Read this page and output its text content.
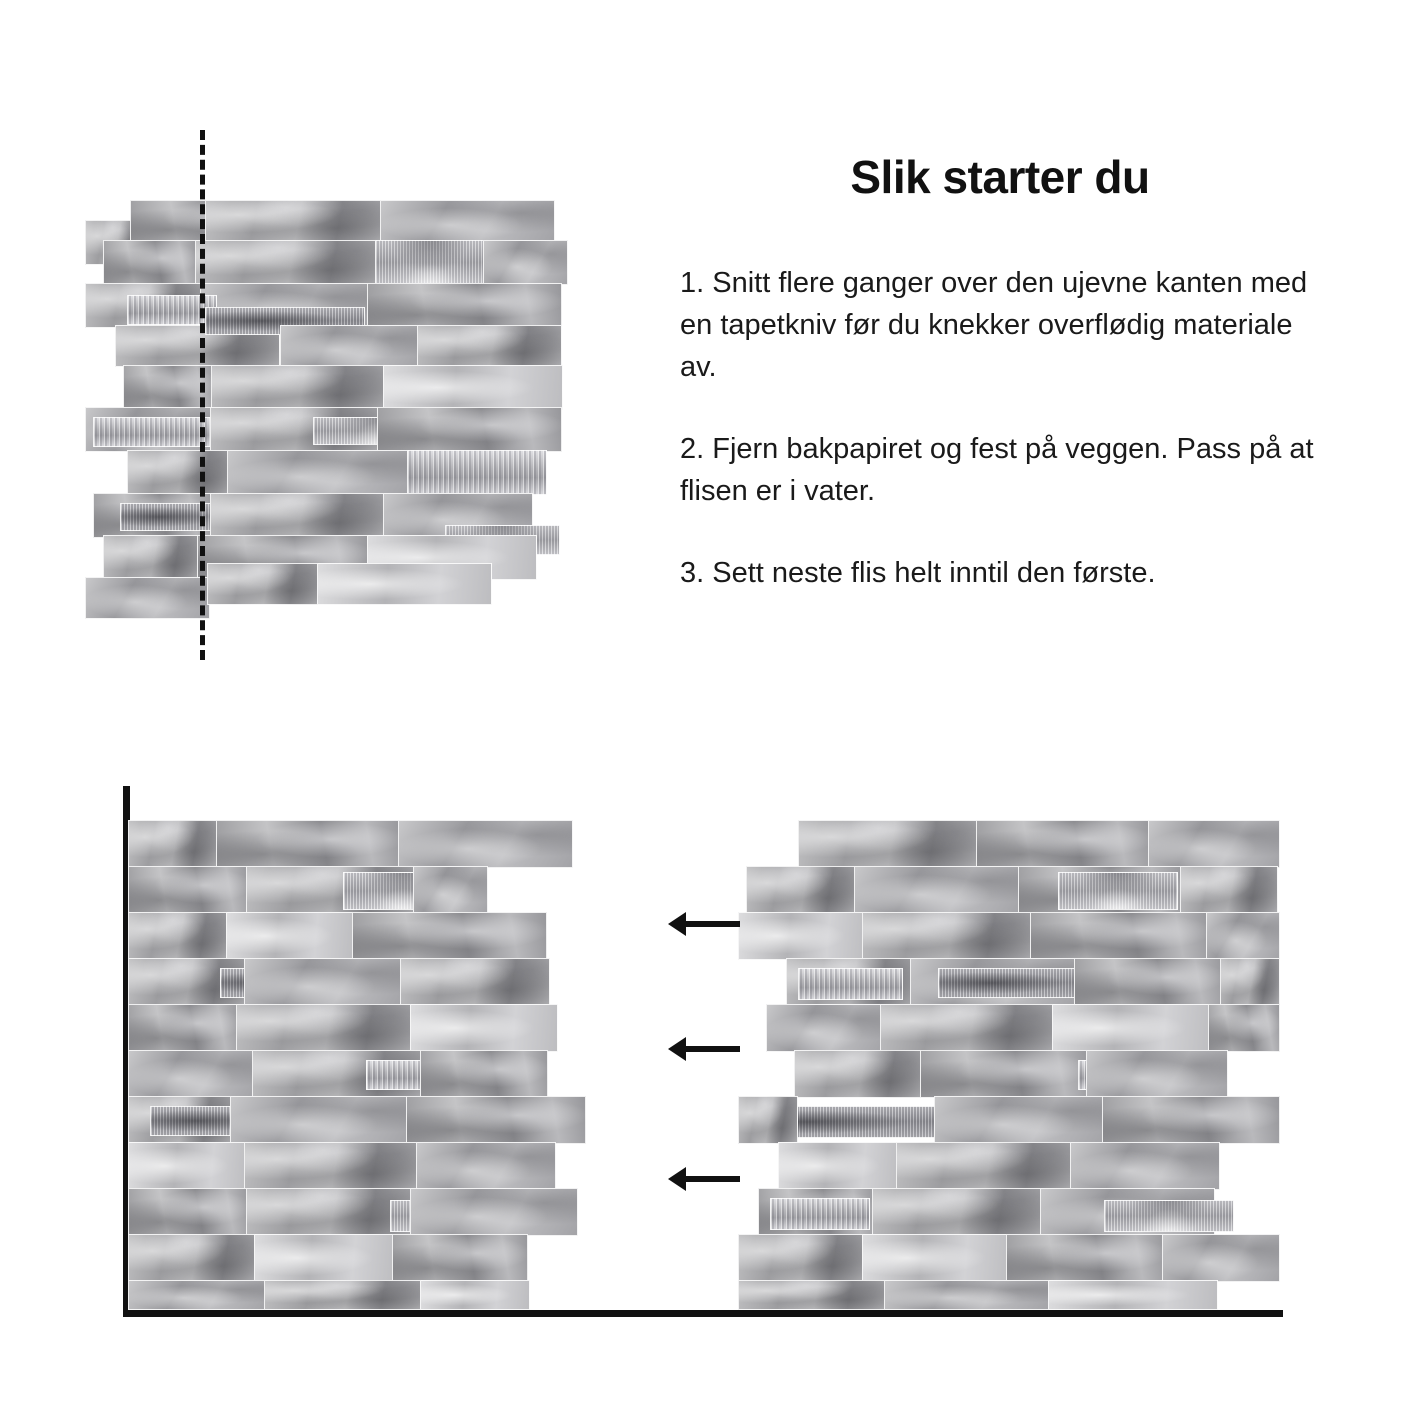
Slik starter du

1. Snitt flere ganger over den ujevne kanten med en tapetkniv før du knekker overflødig materiale av.

2. Fjern bakpapiret og fest på veggen. Pass på at flisen er i vater.

3. Sett neste flis helt inntil den første.
